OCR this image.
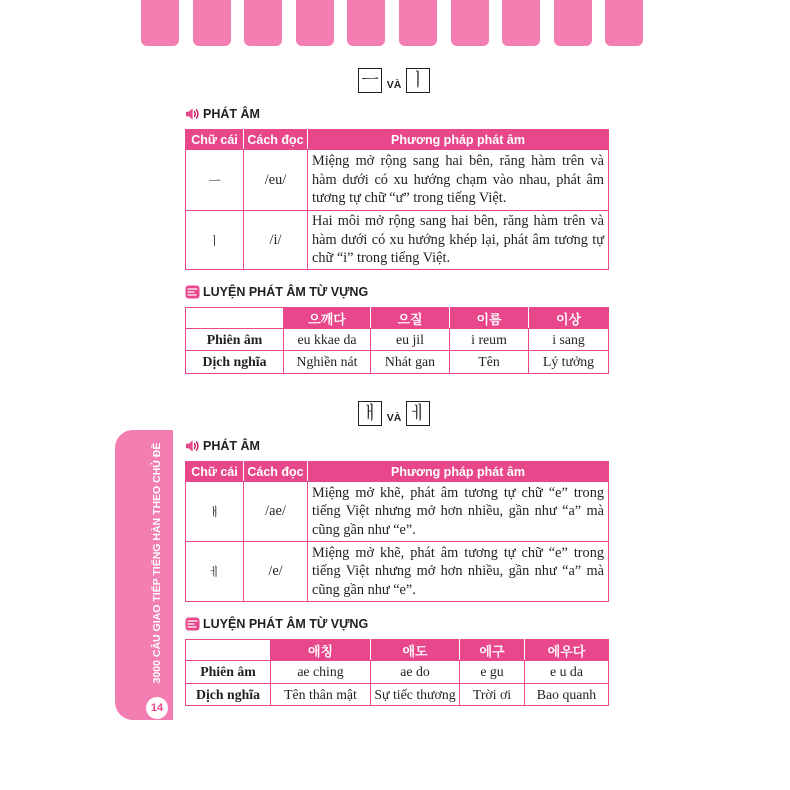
ㅡ VÀ ㅣ
PHÁT ÂM
Chữ cái	Cách đọc	Phương pháp phát âm
ㅡ	/eu/	Miệng mở rộng sang hai bên, răng hàm trên và hàm dưới có xu hướng chạm vào nhau, phát âm tương tự chữ “ư” trong tiếng Việt.
ㅣ	/i/	Hai môi mở rộng sang hai bên, răng hàm trên và hàm dưới có xu hướng khép lại, phát âm tương tự chữ “i” trong tiếng Việt.
LUYỆN PHÁT ÂM TỪ VỰNG
	으깨다	으질	이름	이상
Phiên âm	eu kkae da	eu jil	i reum	i sang
Dịch nghĩa	Nghiền nát	Nhát gan	Tên	Lý tưởng
ㅐ VÀ ㅔ
PHÁT ÂM
Chữ cái	Cách đọc	Phương pháp phát âm
ㅐ	/ae/	Miệng mở khẽ, phát âm tương tự chữ “e” trong tiếng Việt nhưng mở hơn nhiều, gần như “a” mà cũng gần như “e”.
ㅔ	/e/	Miệng mở khẽ, phát âm tương tự chữ “e” trong tiếng Việt nhưng mở hơn nhiều, gần như “a” mà cũng gần như “e”.
LUYỆN PHÁT ÂM TỪ VỰNG
	애칭	애도	에구	에우다
Phiên âm	ae ching	ae do	e gu	e u da
Dịch nghĩa	Tên thân mật	Sự tiếc thương	Trời ơi	Bao quanh
3000 CÂU GIAO TIẾP TIẾNG HÀN THEO CHỦ ĐỀ
14
